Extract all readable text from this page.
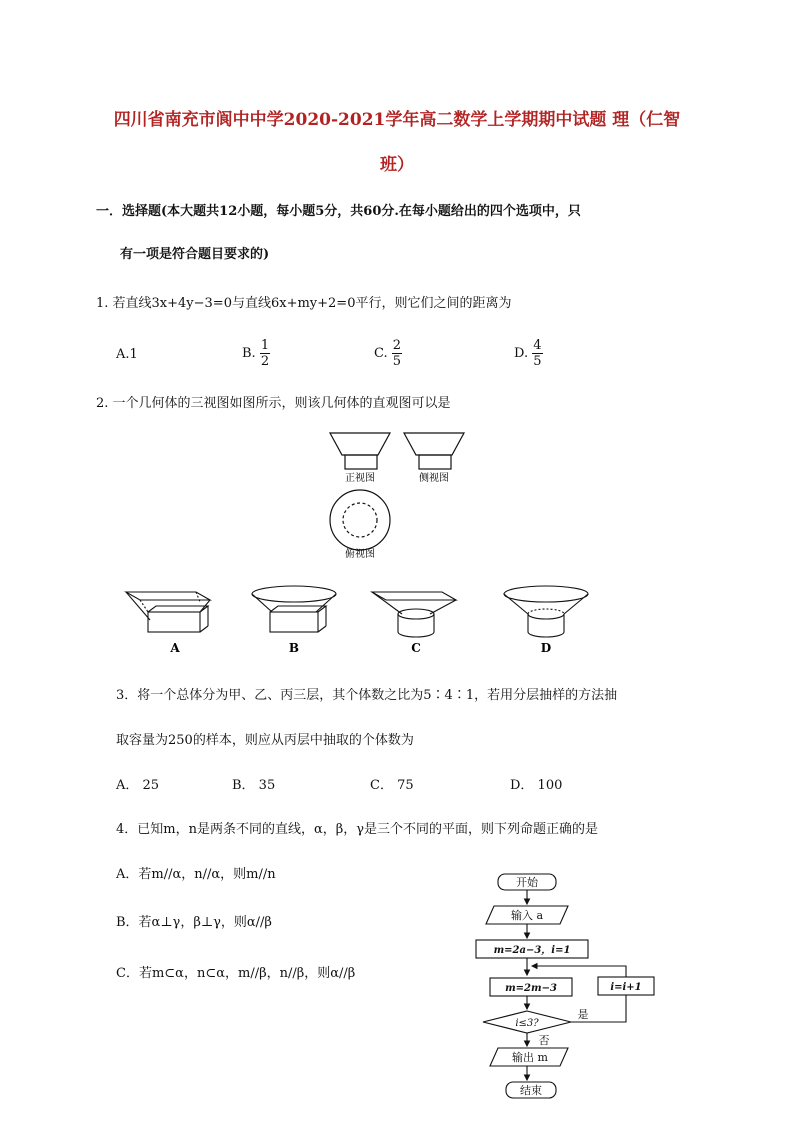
四川省南充市阆中中学2020-2021学年高二数学上学期期中试题 理（仁智
班）
一．选择题(本大题共12小题，每小题5分，共60分.在每小题给出的四个选项中，只
有一项是符合题目要求的)
1. 若直线3x+4y−3=0与直线6x+my+2=0平行，则它们之间的距离为
A.1	B. $\frac{1}{2}$	C. $\frac{2}{5}$	D. $\frac{4}{5}$
2. 一个几何体的三视图如图所示，则该几何体的直观图可以是
正视图	侧视图
俯视图
A	B	C	D
3．将一个总体分为甲、乙、丙三层，其个体数之比为5∶4∶1，若用分层抽样的方法抽
取容量为250的样本，则应从丙层中抽取的个体数为
A． 25	B． 35	C． 75	D． 100
4．已知m，n是两条不同的直线，α，β，γ是三个不同的平面，则下列命题正确的是
A．若m//α，n//α，则m//n
B．若α⊥γ，β⊥γ，则α//β
C．若m⊂α，n⊂α，m//β，n//β，则α//β
开始
输入 a
m=2a−3，i=1
m=2m−3	i=i+1
i≤3?
是
否
输出 m
结束
